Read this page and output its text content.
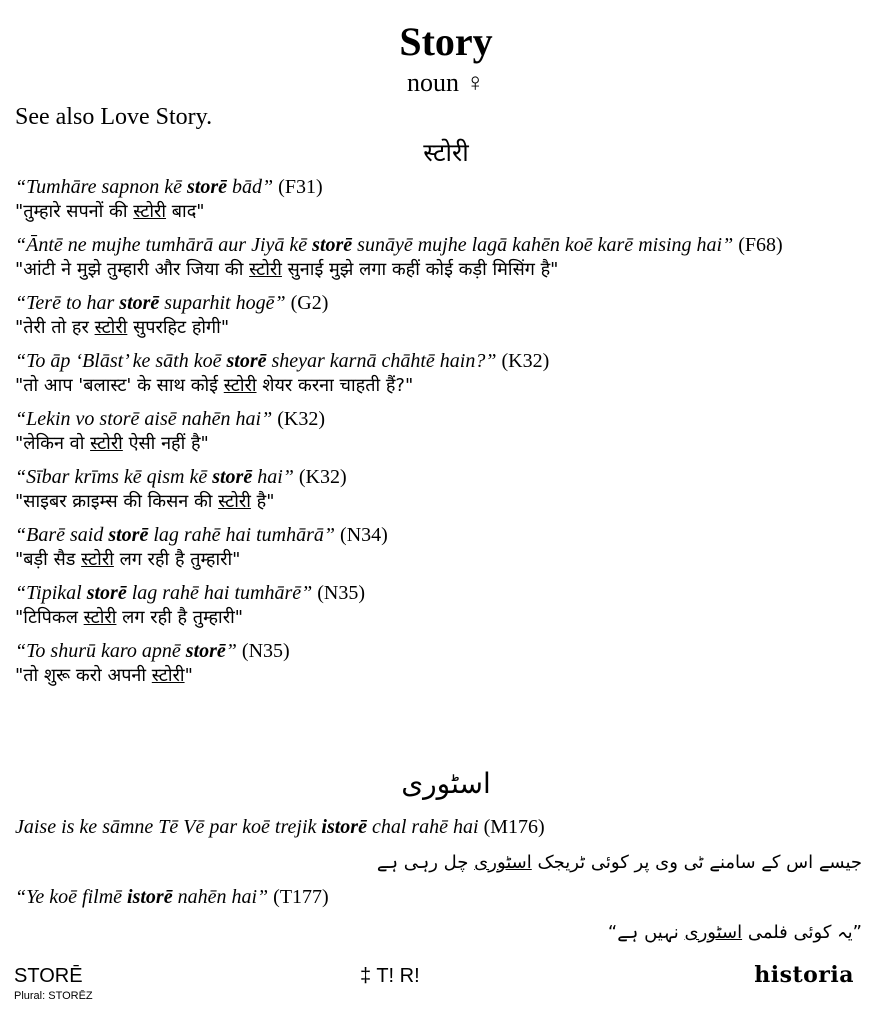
Story
noun ♀
See also Love Story.
स्टोरी
“Tumhāre sapnon kē storē bād” (F31)
"तुम्हारे सपनों की स्टोरी बाद"
“Āntē ne mujhe tumhārā aur Jiyā kē storē sunāyē mujhe lagā kahēn koē karē mising hai” (F68)
"आंटी ने मुझे तुम्हारी और जिया की स्टोरी सुनाई मुझे लगा कहीं कोई कड़ी मिसिंग है"
“Terē to har storē suparhit hogē” (G2)
"तेरी तो हर स्टोरी सुपरहिट होगी"
“To āp ‘Blāst’ ke sāth koē storē sheyar karnā chāhtē hain?” (K32)
"तो आप 'बलास्ट' के साथ कोई स्टोरी शेयर करना चाहती हैं?"
“Lekin vo storē aisē nahēn hai” (K32)
"लेकिन वो स्टोरी ऐसी नहीं है"
“Sībar krīms kē qism kē storē hai” (K32)
"साइबर क्राइम्स की किसन की स्टोरी है"
“Barē said storē lag rahē hai tumhārā” (N34)
"बड़ी सैड स्टोरी लग रही है तुम्हारी"
“Tipikal storē lag rahē hai tumhārē” (N35)
"टिपिकल स्टोरी लग रही है तुम्हारी"
“To shurū karo apnē storē” (N35)
"तो शुरू करो अपनी स्टोरी"
اسٹوری
Jaise is ke sāmne Tē Vē par koē trejik istorē chal rahē hai (M176)
جیسے اس کے سامنے ٹی وی پر کوئی ٹریجک اسٹوری چل رہی ہے
“Ye koē filmē istorē nahēn hai” (T177)
”یہ کوئی فلمی اسٹوری نہیں ہے“
STORĒ
Plural: STORĒZ
‡ T! R!	historia
